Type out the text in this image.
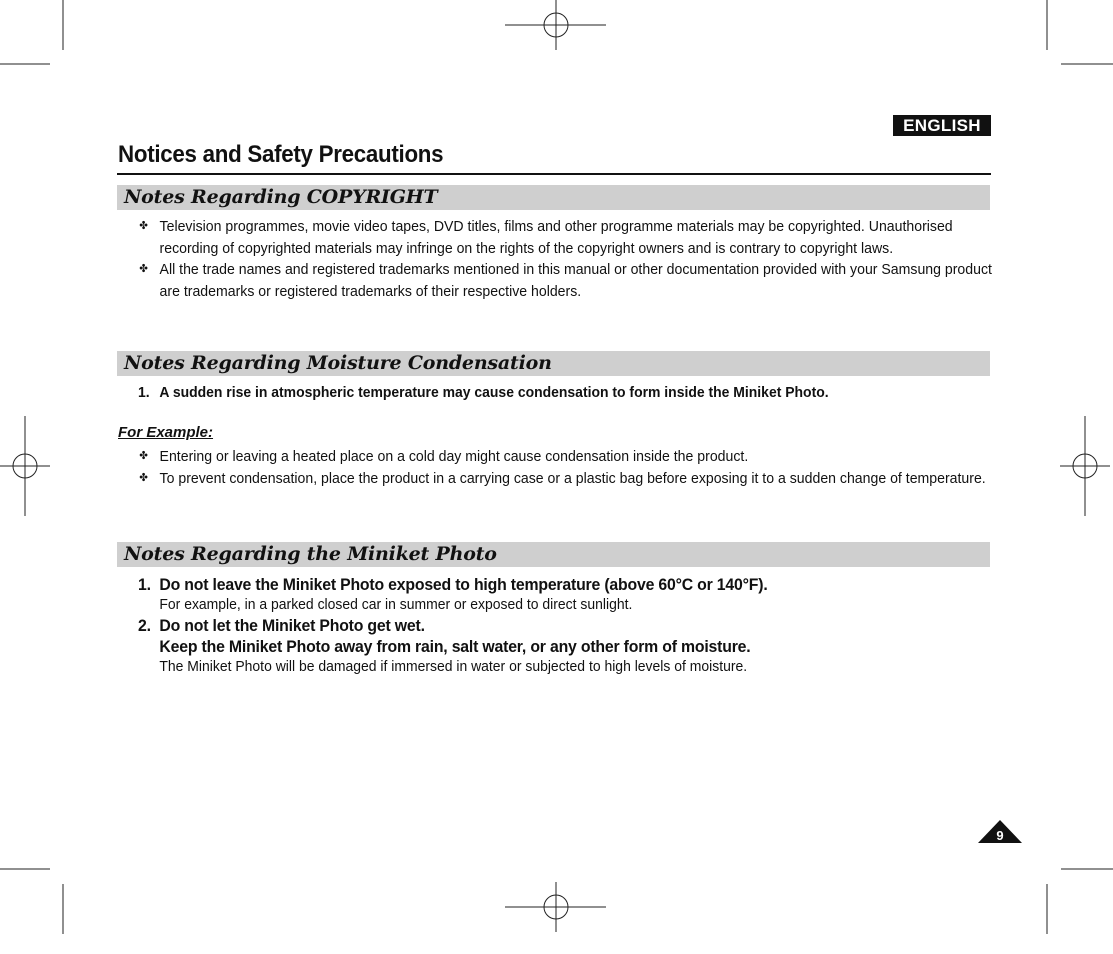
ENGLISH
Notices and Safety Precautions
Notes Regarding COPYRIGHT
✤ Television programmes, movie video tapes, DVD titles, films and other programme materials may be copyrighted. Unauthorised recording of copyrighted materials may infringe on the rights of the copyright owners and is contrary to copyright laws.
✤ All the trade names and registered trademarks mentioned in this manual or other documentation provided with your Samsung product are trademarks or registered trademarks of their respective holders.
Notes Regarding Moisture Condensation
1. A sudden rise in atmospheric temperature may cause condensation to form inside the Miniket Photo.
For Example:
✤ Entering or leaving a heated place on a cold day might cause condensation inside the product.
✤ To prevent condensation, place the product in a carrying case or a plastic bag before exposing it to a sudden change of temperature.
Notes Regarding the Miniket Photo
1. Do not leave the Miniket Photo exposed to high temperature (above 60°C or 140°F).
For example, in a parked closed car in summer or exposed to direct sunlight.
2. Do not let the Miniket Photo get wet.
Keep the Miniket Photo away from rain, salt water, or any other form of moisture.
The Miniket Photo will be damaged if immersed in water or subjected to high levels of moisture.
9
